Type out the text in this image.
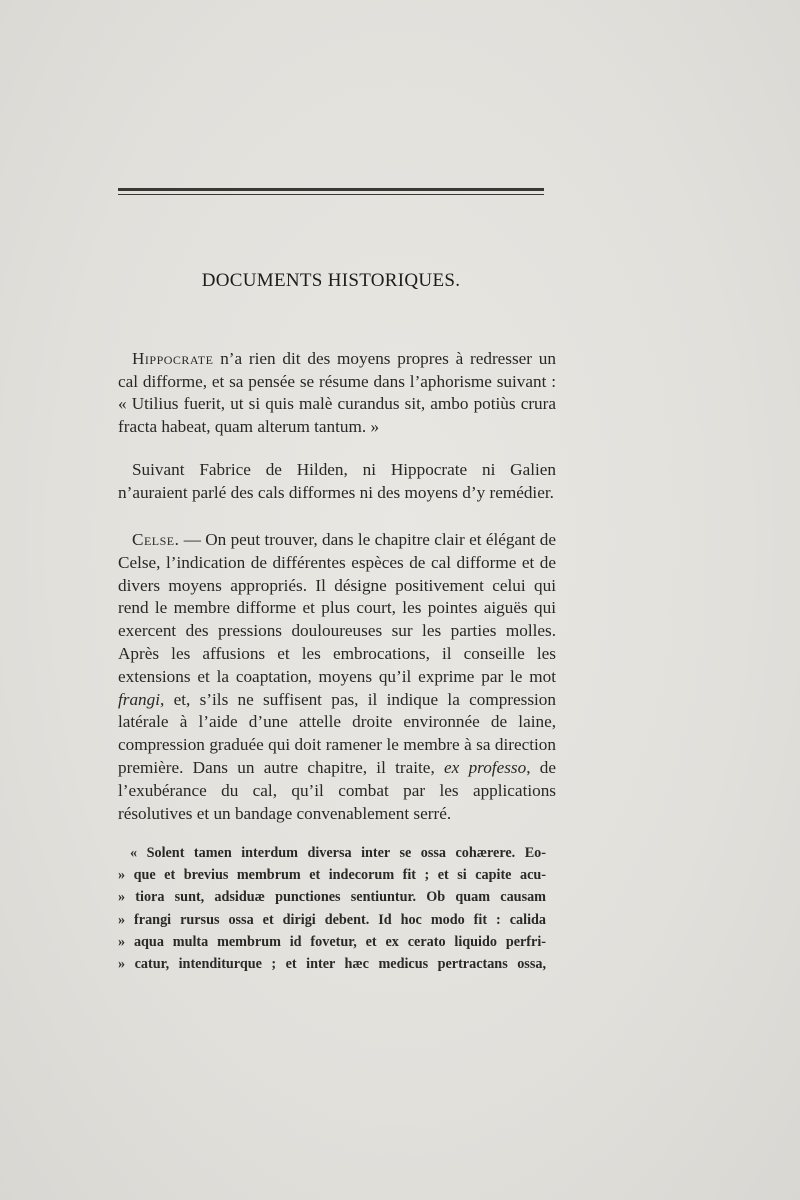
DOCUMENTS HISTORIQUES.

Hippocrate n’a rien dit des moyens propres à redresser un cal difforme, et sa pensée se résume dans l’aphorisme suivant : « Utilius fuerit, ut si quis malè curandus sit, ambo potiùs crura fracta habeat, quam alterum tantum. »

Suivant Fabrice de Hilden, ni Hippocrate ni Galien n’auraient parlé des cals difformes ni des moyens d’y remédier.

Celse. — On peut trouver, dans le chapitre clair et élégant de Celse, l’indication de différentes espèces de cal difforme et de divers moyens appropriés. Il désigne positivement celui qui rend le membre difforme et plus court, les pointes aiguës qui exercent des pressions douloureuses sur les parties molles. Après les affusions et les embrocations, il conseille les extensions et la coaptation, moyens qu’il exprime par le mot frangi, et, s’ils ne suffisent pas, il indique la compression latérale à l’aide d’une attelle droite environnée de laine, compression graduée qui doit ramener le membre à sa direction première. Dans un autre chapitre, il traite, ex professo, de l’exubérance du cal, qu’il combat par les applications résolutives et un bandage convenablement serré.

« Solent tamen interdum diversa inter se ossa cohærere. Eo-
» que et brevius membrum et indecorum fit ; et si capite acu-
» tiora sunt, adsiduæ punctiones sentiuntur. Ob quam causam
» frangi rursus ossa et dirigi debent. Id hoc modo fit : calida
» aqua multa membrum id fovetur, et ex cerato liquido perfri-
» catur, intenditurque ; et inter hæc medicus pertractans ossa,
